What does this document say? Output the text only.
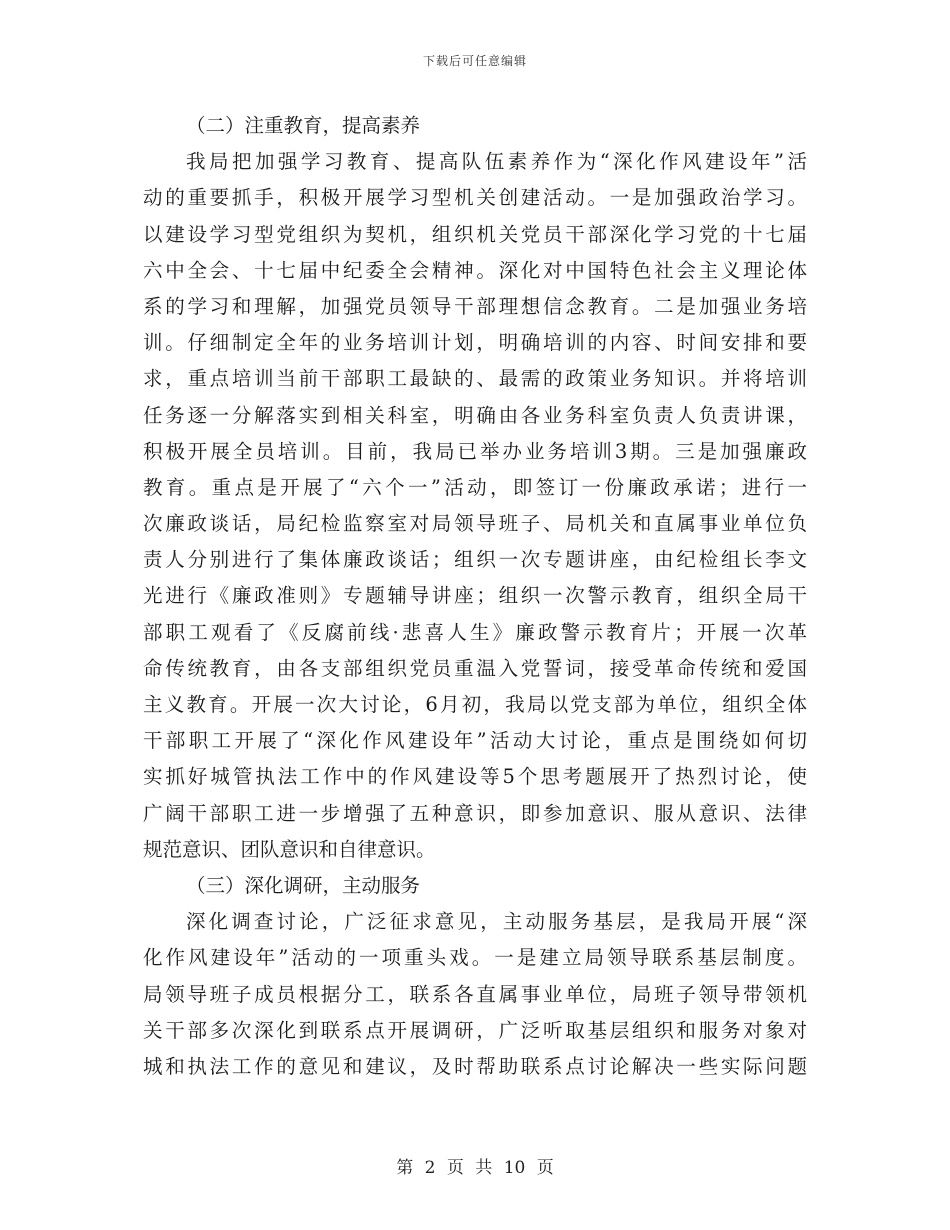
下载后可任意编辑
（二）注重教育，提高素养
我局把加强学习教育、提高队伍素养作为“深化作风建设年”活
动的重要抓手，积极开展学习型机关创建活动。一是加强政治学习。
以建设学习型党组织为契机，组织机关党员干部深化学习党的十七届
六中全会、十七届中纪委全会精神。深化对中国特色社会主义理论体
系的学习和理解，加强党员领导干部理想信念教育。二是加强业务培
训。仔细制定全年的业务培训计划，明确培训的内容、时间安排和要
求，重点培训当前干部职工最缺的、最需的政策业务知识。并将培训
任务逐一分解落实到相关科室，明确由各业务科室负责人负责讲课，
积极开展全员培训。目前，我局已举办业务培训3期。三是加强廉政
教育。重点是开展了“六个一”活动，即签订一份廉政承诺；进行一
次廉政谈话，局纪检监察室对局领导班子、局机关和直属事业单位负
责人分别进行了集体廉政谈话；组织一次专题讲座，由纪检组长李文
光进行《廉政准则》专题辅导讲座；组织一次警示教育，组织全局干
部职工观看了《反腐前线·悲喜人生》廉政警示教育片；开展一次革
命传统教育，由各支部组织党员重温入党誓词，接受革命传统和爱国
主义教育。开展一次大讨论，6月初，我局以党支部为单位，组织全体
干部职工开展了“深化作风建设年”活动大讨论，重点是围绕如何切
实抓好城管执法工作中的作风建设等5个思考题展开了热烈讨论，使
广阔干部职工进一步增强了五种意识，即参加意识、服从意识、法律
规范意识、团队意识和自律意识。
（三）深化调研，主动服务
深化调查讨论，广泛征求意见，主动服务基层，是我局开展“深
化作风建设年”活动的一项重头戏。一是建立局领导联系基层制度。
局领导班子成员根据分工，联系各直属事业单位，局班子领导带领机
关干部多次深化到联系点开展调研，广泛听取基层组织和服务对象对
城和执法工作的意见和建议，及时帮助联系点讨论解决一些实际问题
第 2 页 共 10 页
